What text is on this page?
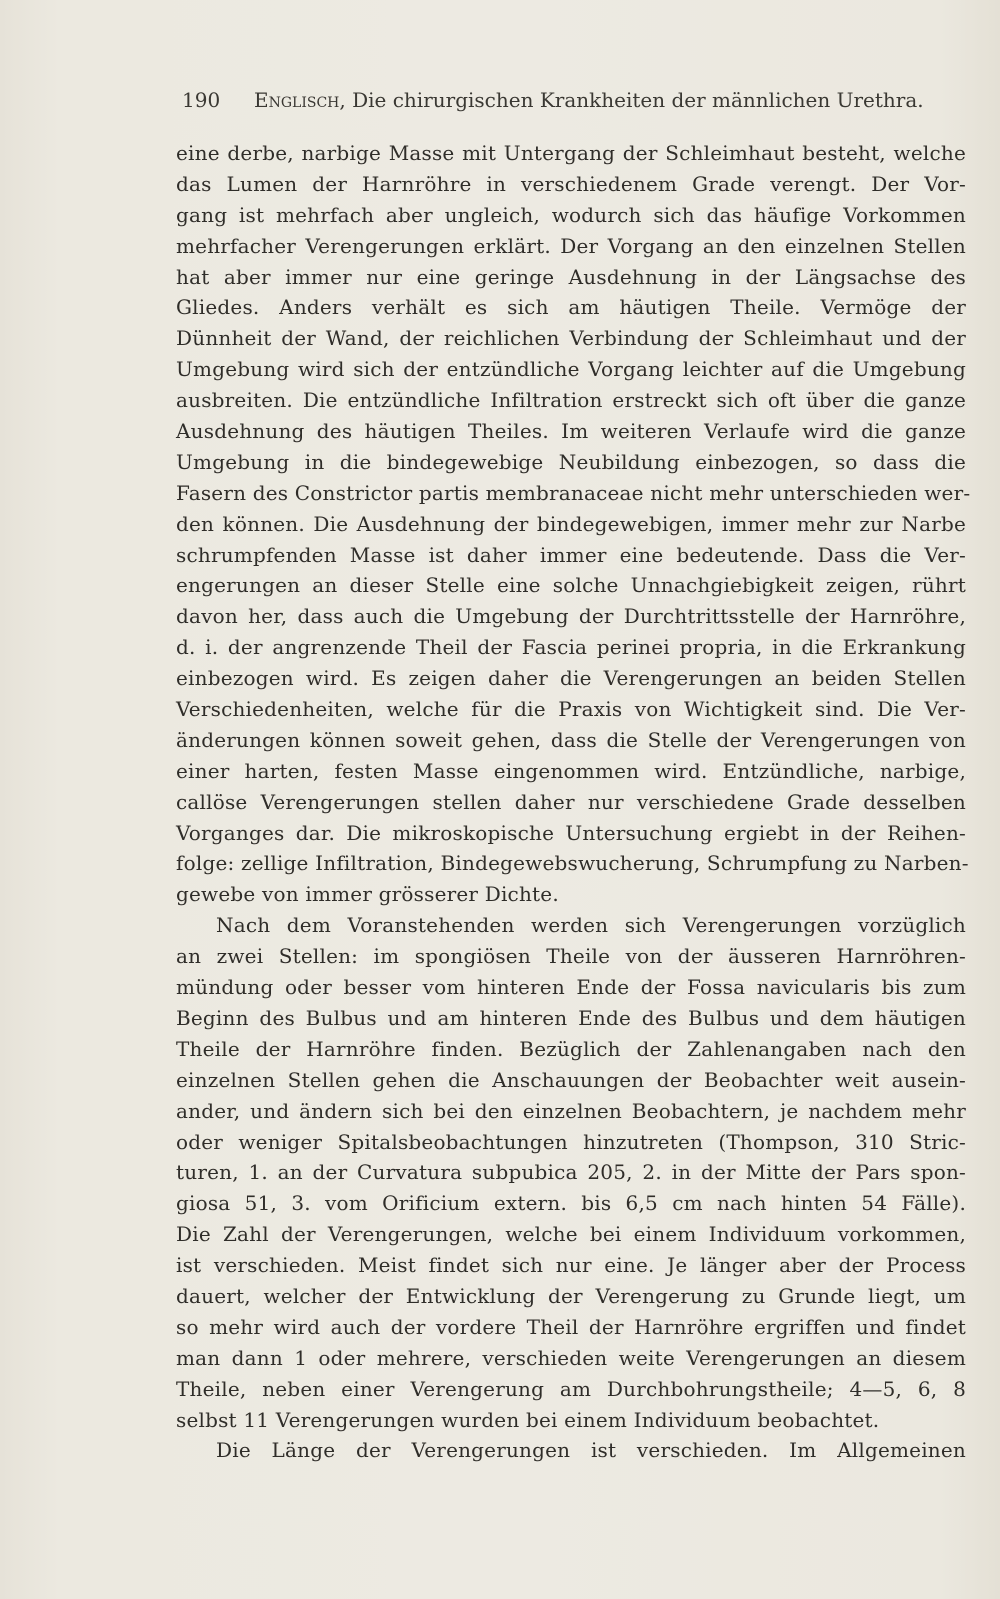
190 Englisch, Die chirurgischen Krankheiten der männlichen Urethra.
eine derbe, narbige Masse mit Untergang der Schleimhaut besteht, welche
das Lumen der Harnröhre in verschiedenem Grade verengt. Der Vor-
gang ist mehrfach aber ungleich, wodurch sich das häufige Vorkommen
mehrfacher Verengerungen erklärt. Der Vorgang an den einzelnen Stellen
hat aber immer nur eine geringe Ausdehnung in der Längsachse des
Gliedes. Anders verhält es sich am häutigen Theile. Vermöge der
Dünnheit der Wand, der reichlichen Verbindung der Schleimhaut und der
Umgebung wird sich der entzündliche Vorgang leichter auf die Umgebung
ausbreiten. Die entzündliche Infiltration erstreckt sich oft über die ganze
Ausdehnung des häutigen Theiles. Im weiteren Verlaufe wird die ganze
Umgebung in die bindegewebige Neubildung einbezogen, so dass die
Fasern des Constrictor partis membranaceae nicht mehr unterschieden wer-
den können. Die Ausdehnung der bindegewebigen, immer mehr zur Narbe
schrumpfenden Masse ist daher immer eine bedeutende. Dass die Ver-
engerungen an dieser Stelle eine solche Unnachgiebigkeit zeigen, rührt
davon her, dass auch die Umgebung der Durchtrittsstelle der Harnröhre,
d. i. der angrenzende Theil der Fascia perinei propria, in die Erkrankung
einbezogen wird. Es zeigen daher die Verengerungen an beiden Stellen
Verschiedenheiten, welche für die Praxis von Wichtigkeit sind. Die Ver-
änderungen können soweit gehen, dass die Stelle der Verengerungen von
einer harten, festen Masse eingenommen wird. Entzündliche, narbige,
callöse Verengerungen stellen daher nur verschiedene Grade desselben
Vorganges dar. Die mikroskopische Untersuchung ergiebt in der Reihen-
folge: zellige Infiltration, Bindegewebswucherung, Schrumpfung zu Narben-
gewebe von immer grösserer Dichte.
Nach dem Voranstehenden werden sich Verengerungen vorzüglich
an zwei Stellen: im spongiösen Theile von der äusseren Harnröhren-
mündung oder besser vom hinteren Ende der Fossa navicularis bis zum
Beginn des Bulbus und am hinteren Ende des Bulbus und dem häutigen
Theile der Harnröhre finden. Bezüglich der Zahlenangaben nach den
einzelnen Stellen gehen die Anschauungen der Beobachter weit ausein-
ander, und ändern sich bei den einzelnen Beobachtern, je nachdem mehr
oder weniger Spitalsbeobachtungen hinzutreten (Thompson, 310 Stric-
turen, 1. an der Curvatura subpubica 205, 2. in der Mitte der Pars spon-
giosa 51, 3. vom Orificium extern. bis 6,5 cm nach hinten 54 Fälle).
Die Zahl der Verengerungen, welche bei einem Individuum vorkommen,
ist verschieden. Meist findet sich nur eine. Je länger aber der Process
dauert, welcher der Entwicklung der Verengerung zu Grunde liegt, um
so mehr wird auch der vordere Theil der Harnröhre ergriffen und findet
man dann 1 oder mehrere, verschieden weite Verengerungen an diesem
Theile, neben einer Verengerung am Durchbohrungstheile; 4—5, 6, 8
selbst 11 Verengerungen wurden bei einem Individuum beobachtet.
Die Länge der Verengerungen ist verschieden. Im Allgemeinen
